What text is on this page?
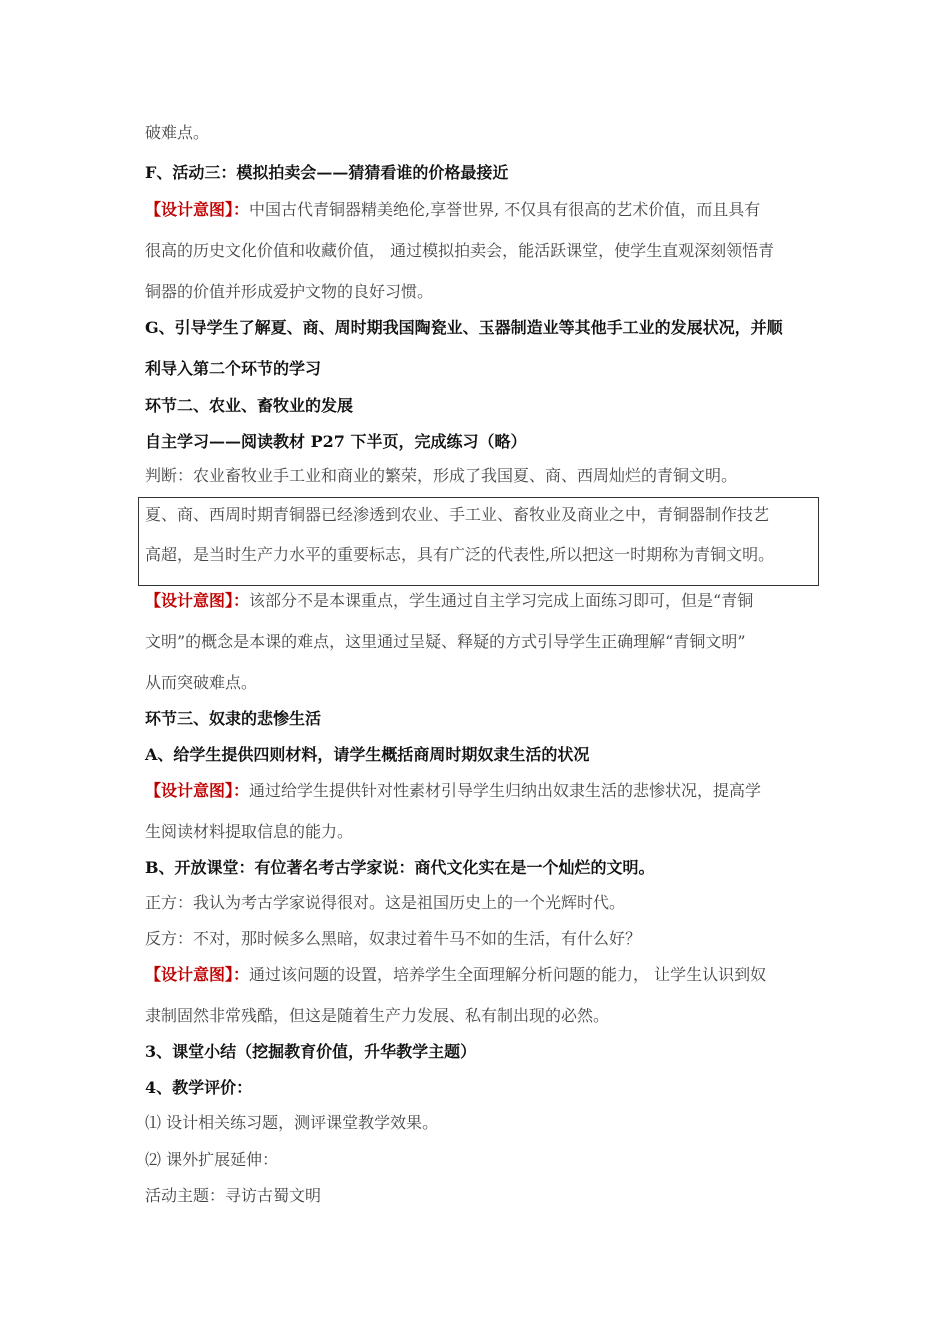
破难点。
F、活动三：模拟拍卖会——猜猜看谁的价格最接近
【设计意图】：中国古代青铜器精美绝伦,享誉世界, 不仅具有很高的艺术价值，而且具有
很高的历史文化价值和收藏价值， 通过模拟拍卖会，能活跃课堂，使学生直观深刻领悟青
铜器的价值并形成爱护文物的良好习惯。
G、引导学生了解夏、商、周时期我国陶瓷业、玉器制造业等其他手工业的发展状况，并顺
利导入第二个环节的学习
环节二、农业、畜牧业的发展
自主学习——阅读教材 P27 下半页，完成练习（略）
判断：农业畜牧业手工业和商业的繁荣，形成了我国夏、商、西周灿烂的青铜文明。
夏、商、西周时期青铜器已经渗透到农业、手工业、畜牧业及商业之中，青铜器制作技艺
高超，是当时生产力水平的重要标志，具有广泛的代表性,所以把这一时期称为青铜文明。
【设计意图】：该部分不是本课重点，学生通过自主学习完成上面练习即可，但是“青铜
文明”的概念是本课的难点，这里通过呈疑、释疑的方式引导学生正确理解“青铜文明”
从而突破难点。
环节三、奴隶的悲惨生活
A、给学生提供四则材料，请学生概括商周时期奴隶生活的状况
【设计意图】：通过给学生提供针对性素材引导学生归纳出奴隶生活的悲惨状况，提高学
生阅读材料提取信息的能力。
B、开放课堂：有位著名考古学家说：商代文化实在是一个灿烂的文明。
正方：我认为考古学家说得很对。这是祖国历史上的一个光辉时代。
反方：不对，那时候多么黑暗，奴隶过着牛马不如的生活，有什么好？
【设计意图】：通过该问题的设置，培养学生全面理解分析问题的能力， 让学生认识到奴
隶制固然非常残酷，但这是随着生产力发展、私有制出现的必然。
3、课堂小结（挖掘教育价值，升华教学主题）
4、教学评价：
⑴ 设计相关练习题，测评课堂教学效果。
⑵ 课外扩展延伸：
活动主题：寻访古蜀文明
